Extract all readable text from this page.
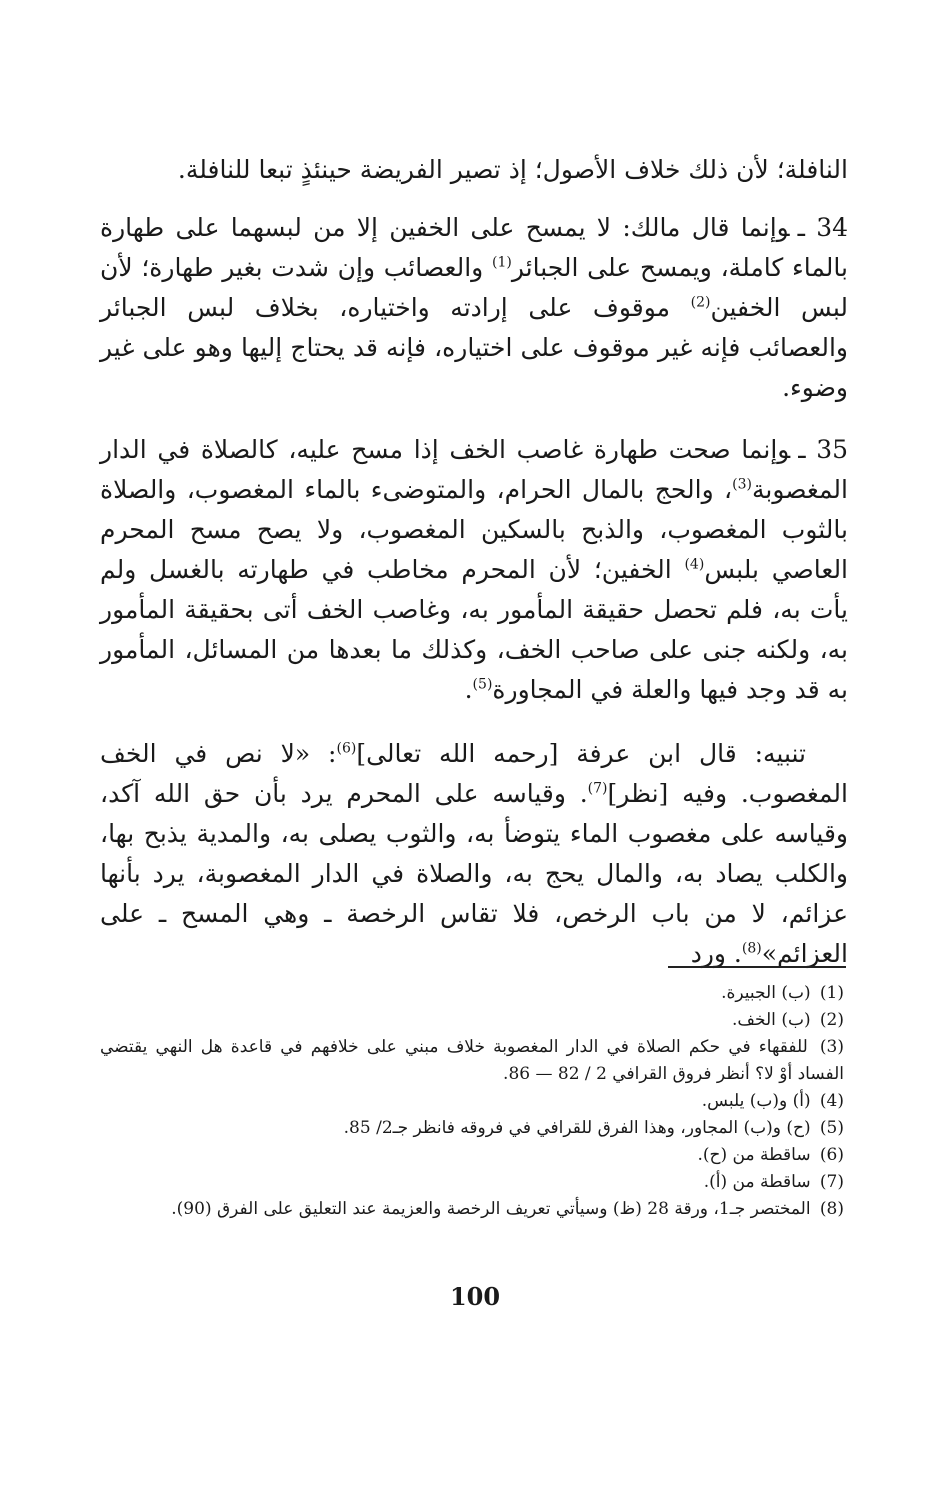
النافلة؛ لأن ذلك خلاف الأصول؛ إذ تصير الفريضة حينئذٍ تبعا للنافلة.

34 ـوإنما قال مالك: لا يمسح على الخفين إلا من لبسهما على طهارة بالماء كاملة، ويمسح على الجبائر$^{(1)}$ والعصائب وإن شدت بغير طهارة؛ لأن لبس الخفين$^{(2)}$ موقوف على إرادته واختياره، بخلاف لبس الجبائر والعصائب فإنه غير موقوف على اختياره، فإنه قد يحتاج إليها وهو على غير وضوء.

35 ـوإنما صحت طهارة غاصب الخف إذا مسح عليه، كالصلاة في الدار المغصوبة$^{(3)}$، والحج بالمال الحرام، والمتوضىء بالماء المغصوب، والصلاة بالثوب المغصوب، والذبح بالسكين المغصوب، ولا يصح مسح المحرم العاصي بلبس$^{(4)}$ الخفين؛ لأن المحرم مخاطب في طهارته بالغسل ولم يأت به، فلم تحصل حقيقة المأمور به، وغاصب الخف أتى بحقيقة المأمور به، ولكنه جنى على صاحب الخف، وكذلك ما بعدها من المسائل، المأمور به قد وجد فيها والعلة في المجاورة$^{(5)}$.

تنبيه: قال ابن عرفة [رحمه الله تعالى]$^{(6)}$: «لا نص في الخف المغصوب. وفيه [نظر]$^{(7)}$. وقياسه على المحرم يرد بأن حق الله آكد، وقياسه على مغصوب الماء يتوضأ به، والثوب يصلى به، والمدية يذبح بها، والكلب يصاد به، والمال يحج به، والصلاة في الدار المغصوبة، يرد بأنها عزائم، لا من باب الرخص، فلا تقاس الرخصة ـ وهي المسح ـ على العزائم»$^{(8)}$. ورد

(1) (ب) الجبيرة.

(2) (ب) الخف.

(3) للفقهاء في حكم الصلاة في الدار المغصوبة خلاف مبني على خلافهم في قاعدة هل النهي يقتضي الفساد أوْ لا؟ أنظر فروق القرافي 2 / 82 — 86.

(4) (أ) و(ب) يلبس.

(5) (ح) و(ب) المجاور، وهذا الفرق للقرافي في فروقه فانظر جـ2/ 85.

(6) ساقطة من (ح).

(7) ساقطة من (أ).

(8) المختصر جـ1، ورقة 28 (ظ) وسيأتي تعريف الرخصة والعزيمة عند التعليق على الفرق (90).

100
